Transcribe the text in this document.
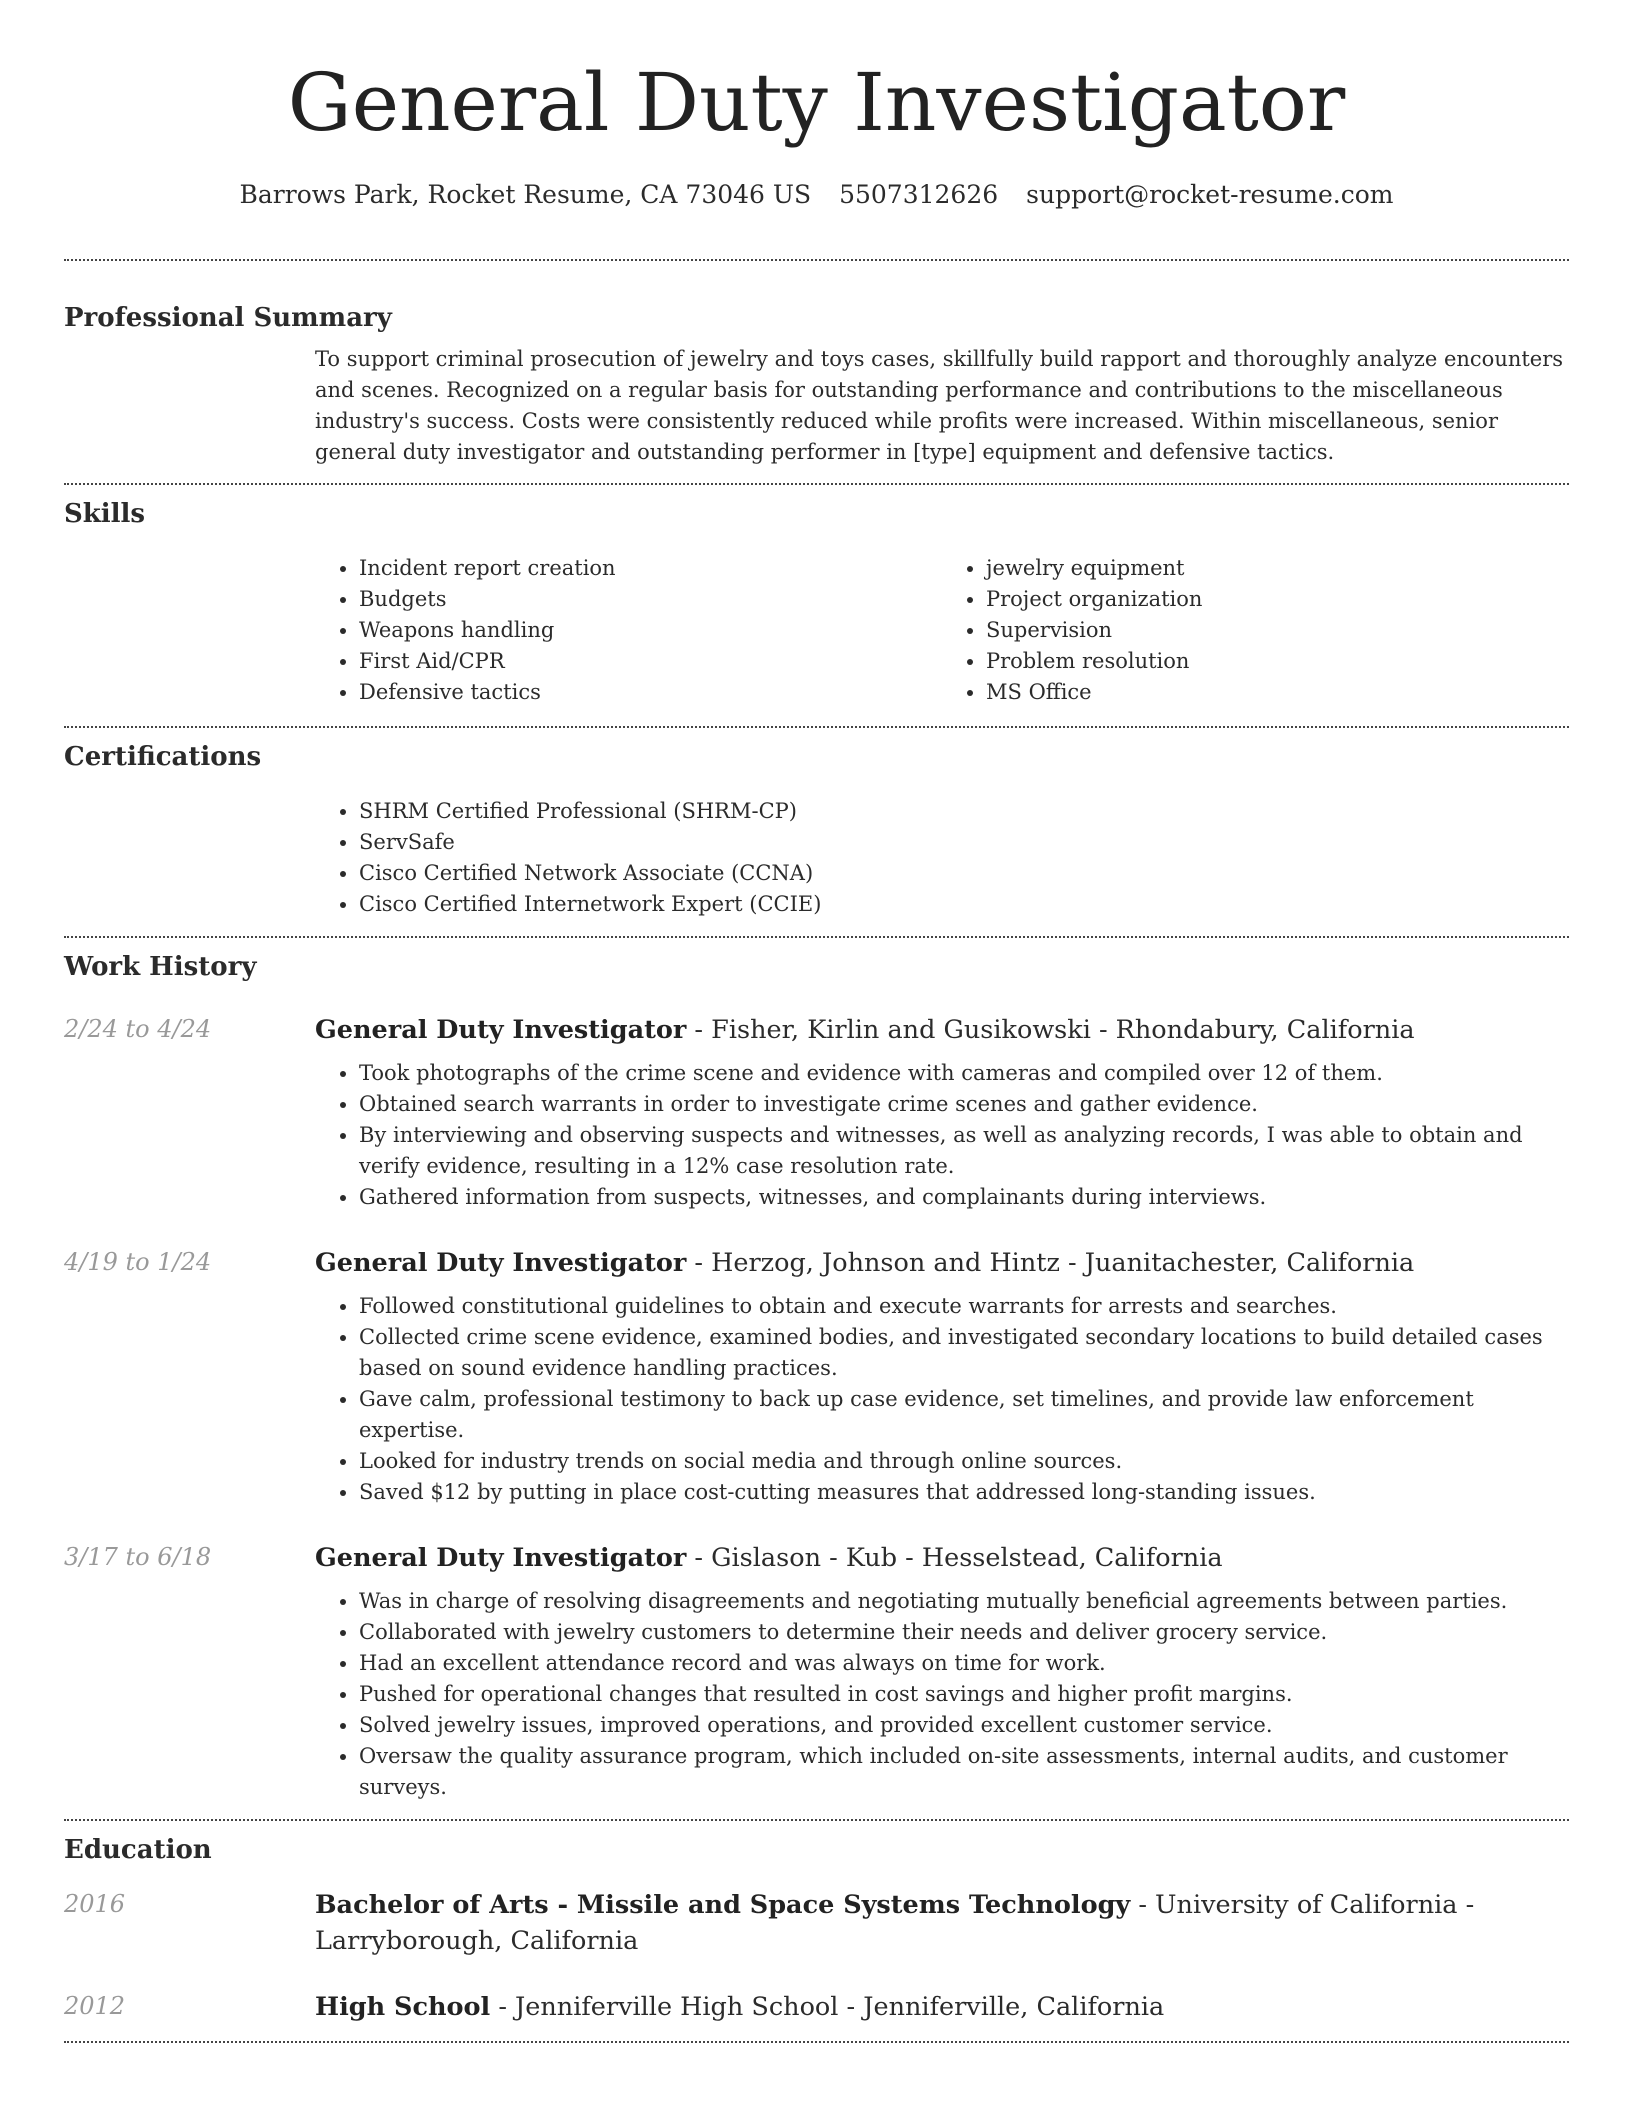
General Duty Investigator
Barrows Park, Rocket Resume, CA 73046 US 5507312626 support@rocket-resume.com
Professional Summary
To support criminal prosecution of jewelry and toys cases, skillfully build rapport and thoroughly analyze encounters and scenes. Recognized on a regular basis for outstanding performance and contributions to the miscellaneous industry's success. Costs were consistently reduced while profits were increased. Within miscellaneous, senior general duty investigator and outstanding performer in [type] equipment and defensive tactics.
Skills
• Incident report creation
• Budgets
• Weapons handling
• First Aid/CPR
• Defensive tactics
• jewelry equipment
• Project organization
• Supervision
• Problem resolution
• MS Office
Certifications
• SHRM Certified Professional (SHRM-CP)
• ServSafe
• Cisco Certified Network Associate (CCNA)
• Cisco Certified Internetwork Expert (CCIE)
Work History
2/24 to 4/24	General Duty Investigator - Fisher, Kirlin and Gusikowski - Rhondabury, California
• Took photographs of the crime scene and evidence with cameras and compiled over 12 of them.
• Obtained search warrants in order to investigate crime scenes and gather evidence.
• By interviewing and observing suspects and witnesses, as well as analyzing records, I was able to obtain and verify evidence, resulting in a 12% case resolution rate.
• Gathered information from suspects, witnesses, and complainants during interviews.
4/19 to 1/24	General Duty Investigator - Herzog, Johnson and Hintz - Juanitachester, California
• Followed constitutional guidelines to obtain and execute warrants for arrests and searches.
• Collected crime scene evidence, examined bodies, and investigated secondary locations to build detailed cases based on sound evidence handling practices.
• Gave calm, professional testimony to back up case evidence, set timelines, and provide law enforcement expertise.
• Looked for industry trends on social media and through online sources.
• Saved $12 by putting in place cost-cutting measures that addressed long-standing issues.
3/17 to 6/18	General Duty Investigator - Gislason - Kub - Hesselstead, California
• Was in charge of resolving disagreements and negotiating mutually beneficial agreements between parties.
• Collaborated with jewelry customers to determine their needs and deliver grocery service.
• Had an excellent attendance record and was always on time for work.
• Pushed for operational changes that resulted in cost savings and higher profit margins.
• Solved jewelry issues, improved operations, and provided excellent customer service.
• Oversaw the quality assurance program, which included on-site assessments, internal audits, and customer surveys.
Education
2016	Bachelor of Arts - Missile and Space Systems Technology - University of California - Larryborough, California
2012	High School - Jenniferville High School - Jenniferville, California
